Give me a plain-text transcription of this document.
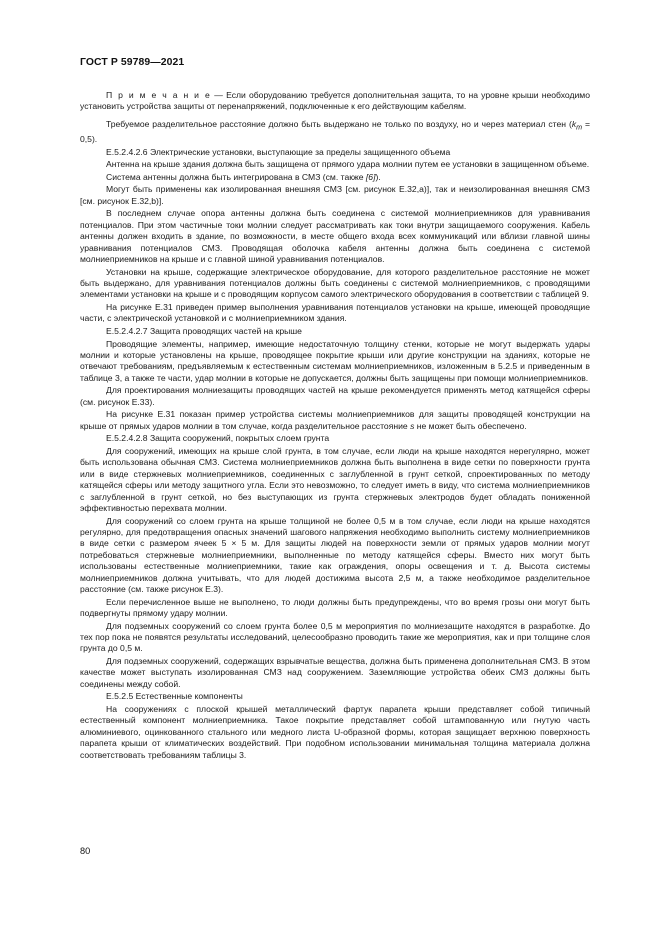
ГОСТ Р 59789—2021

П р и м е ч а н и е — Если оборудованию требуется дополнительная защита, то на уровне крыши необходимо установить устройства защиты от перенапряжений, подключенные к его действующим кабелям.

Требуемое разделительное расстояние должно быть выдержано не только по воздуху, но и через материал стен $(k_m = 0,5)$.

Е.5.2.4.2.6 Электрические установки, выступающие за пределы защищенного объема

Антенна на крыше здания должна быть защищена от прямого удара молнии путем ее установки в защищенном объеме.

Система антенны должна быть интегрирована в СМЗ (см. также [6]).

Могут быть применены как изолированная внешняя СМЗ [см. рисунок Е.32,а)], так и неизолированная внешняя СМЗ [см. рисунок Е.32,b)].

В последнем случае опора антенны должна быть соединена с системой молниеприемников для уравнивания потенциалов. При этом частичные токи молнии следует рассматривать как токи внутри защищаемого сооружения. Кабель антенны должен входить в здание, по возможности, в месте общего входа всех коммуникаций или вблизи главной шины уравнивания потенциалов СМЗ. Проводящая оболочка кабеля антенны должна быть соединена с системой молниеприемников на крыше и с главной шиной уравнивания потенциалов.

Установки на крыше, содержащие электрическое оборудование, для которого разделительное расстояние не может быть выдержано, для уравнивания потенциалов должны быть соединены с системой молниеприемников, с проводящими элементами установки на крыше и с проводящим корпусом самого электрического оборудования в соответствии с таблицей 9.

На рисунке Е.31 приведен пример выполнения уравнивания потенциалов установки на крыше, имеющей проводящие части, с электрической установкой и с молниеприемником здания.

Е.5.2.4.2.7 Защита проводящих частей на крыше

Проводящие элементы, например, имеющие недостаточную толщину стенки, которые не могут выдержать удары молнии и которые установлены на крыше, проводящее покрытие крыши или другие конструкции на зданиях, которые не отвечают требованиям, предъявляемым к естественным системам молниеприемников, изложенным в 5.2.5 и приведенным в таблице 3, а также те части, удар молнии в которые не допускается, должны быть защищены при помощи молниеприемников.

Для проектирования молниезащиты проводящих частей на крыше рекомендуется применять метод катящейся сферы (см. рисунок Е.33).

На рисунке Е.31 показан пример устройства системы молниеприемников для защиты проводящей конструкции на крыше от прямых ударов молнии в том случае, когда разделительное расстояние s не может быть обеспечено.

Е.5.2.4.2.8 Защита сооружений, покрытых слоем грунта

Для сооружений, имеющих на крыше слой грунта, в том случае, если люди на крыше находятся нерегулярно, может быть использована обычная СМЗ. Система молниеприемников должна быть выполнена в виде сетки по поверхности грунта или в виде стержневых молниеприемников, соединенных с заглубленной в грунт сеткой, спроектированных по методу катящейся сферы или методу защитного угла. Если это невозможно, то следует иметь в виду, что система молниеприемников с заглубленной в грунт сеткой, но без выступающих из грунта стержневых электродов будет обладать пониженной эффективностью перехвата молнии.

Для сооружений со слоем грунта на крыше толщиной не более 0,5 м в том случае, если люди на крыше находятся регулярно, для предотвращения опасных значений шагового напряжения необходимо выполнить систему молниеприемников в виде сетки с размером ячеек 5 × 5 м. Для защиты людей на поверхности земли от прямых ударов молнии могут потребоваться стержневые молниеприемники, выполненные по методу катящейся сферы. Вместо них могут быть использованы естественные молниеприемники, такие как ограждения, опоры освещения и т. д. Высота системы молниеприемников должна учитывать, что для людей достижима высота 2,5 м, а также необходимое разделительное расстояние (см. также рисунок Е.3).

Если перечисленное выше не выполнено, то люди должны быть предупреждены, что во время грозы они могут быть подвергнуты прямому удару молнии.

Для подземных сооружений со слоем грунта более 0,5 м мероприятия по молниезащите находятся в разработке. До тех пор пока не появятся результаты исследований, целесообразно проводить такие же мероприятия, как и при толщине слоя грунта до 0,5 м.

Для подземных сооружений, содержащих взрывчатые вещества, должна быть применена дополнительная СМЗ. В этом качестве может выступать изолированная СМЗ над сооружением. Заземляющие устройства обеих СМЗ должны быть соединены между собой.

Е.5.2.5 Естественные компоненты

На сооружениях с плоской крышей металлический фартук парапета крыши представляет собой типичный естественный компонент молниеприемника. Такое покрытие представляет собой штампованную или гнутую часть алюминиевого, оцинкованного стального или медного листа U-образной формы, которая защищает верхнюю поверхность парапета крыши от климатических воздействий. При подобном использовании минимальная толщина материала должна соответствовать требованиям таблицы 3.

80
